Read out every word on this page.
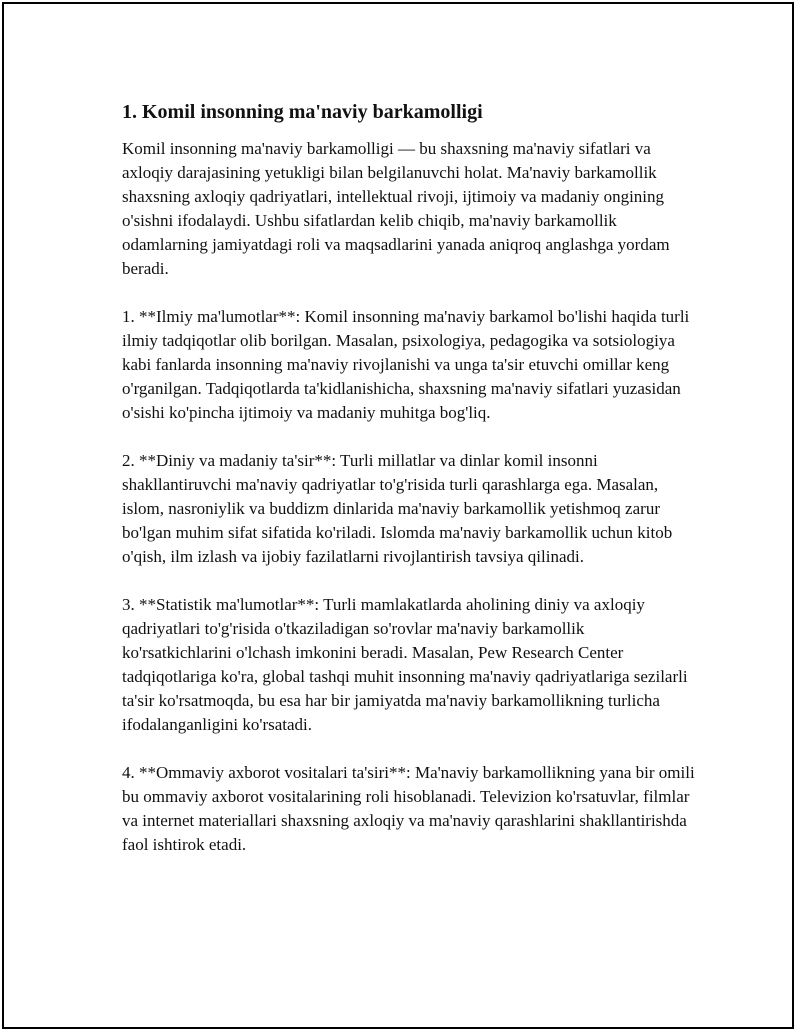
1. Komil insonning ma'naviy barkamolligi

Komil insonning ma'naviy barkamolligi — bu shaxsning ma'naviy sifatlari va axloqiy darajasining yetukligi bilan belgilanuvchi holat. Ma'naviy barkamollik shaxsning axloqiy qadriyatlari, intellektual rivoji, ijtimoiy va madaniy ongining o'sishni ifodalaydi. Ushbu sifatlardan kelib chiqib, ma'naviy barkamollik odamlarning jamiyatdagi roli va maqsadlarini yanada aniqroq anglashga yordam beradi.

1. **Ilmiy ma'lumotlar**: Komil insonning ma'naviy barkamol bo'lishi haqida turli ilmiy tadqiqotlar olib borilgan. Masalan, psixologiya, pedagogika va sotsiologiya kabi fanlarda insonning ma'naviy rivojlanishi va unga ta'sir etuvchi omillar keng o'rganilgan. Tadqiqotlarda ta'kidlanishicha, shaxsning ma'naviy sifatlari yuzasidan o'sishi ko'pincha ijtimoiy va madaniy muhitga bog'liq.

2. **Diniy va madaniy ta'sir**: Turli millatlar va dinlar komil insonni shakllantiruvchi ma'naviy qadriyatlar to'g'risida turli qarashlarga ega. Masalan, islom, nasroniylik va buddizm dinlarida ma'naviy barkamollik yetishmoq zarur bo'lgan muhim sifat sifatida ko'riladi. Islomda ma'naviy barkamollik uchun kitob o'qish, ilm izlash va ijobiy fazilatlarni rivojlantirish tavsiya qilinadi.

3. **Statistik ma'lumotlar**: Turli mamlakatlarda aholining diniy va axloqiy qadriyatlari to'g'risida o'tkaziladigan so'rovlar ma'naviy barkamollik ko'rsatkichlarini o'lchash imkonini beradi. Masalan, Pew Research Center tadqiqotlariga ko'ra, global tashqi muhit insonning ma'naviy qadriyatlariga sezilarli ta'sir ko'rsatmoqda, bu esa har bir jamiyatda ma'naviy barkamollikning turlicha ifodalanganligini ko'rsatadi.

4. **Ommaviy axborot vositalari ta'siri**: Ma'naviy barkamollikning yana bir omili bu ommaviy axborot vositalarining roli hisoblanadi. Televizion ko'rsatuvlar, filmlar va internet materiallari shaxsning axloqiy va ma'naviy qarashlarini shakllantirishda faol ishtirok etadi.
